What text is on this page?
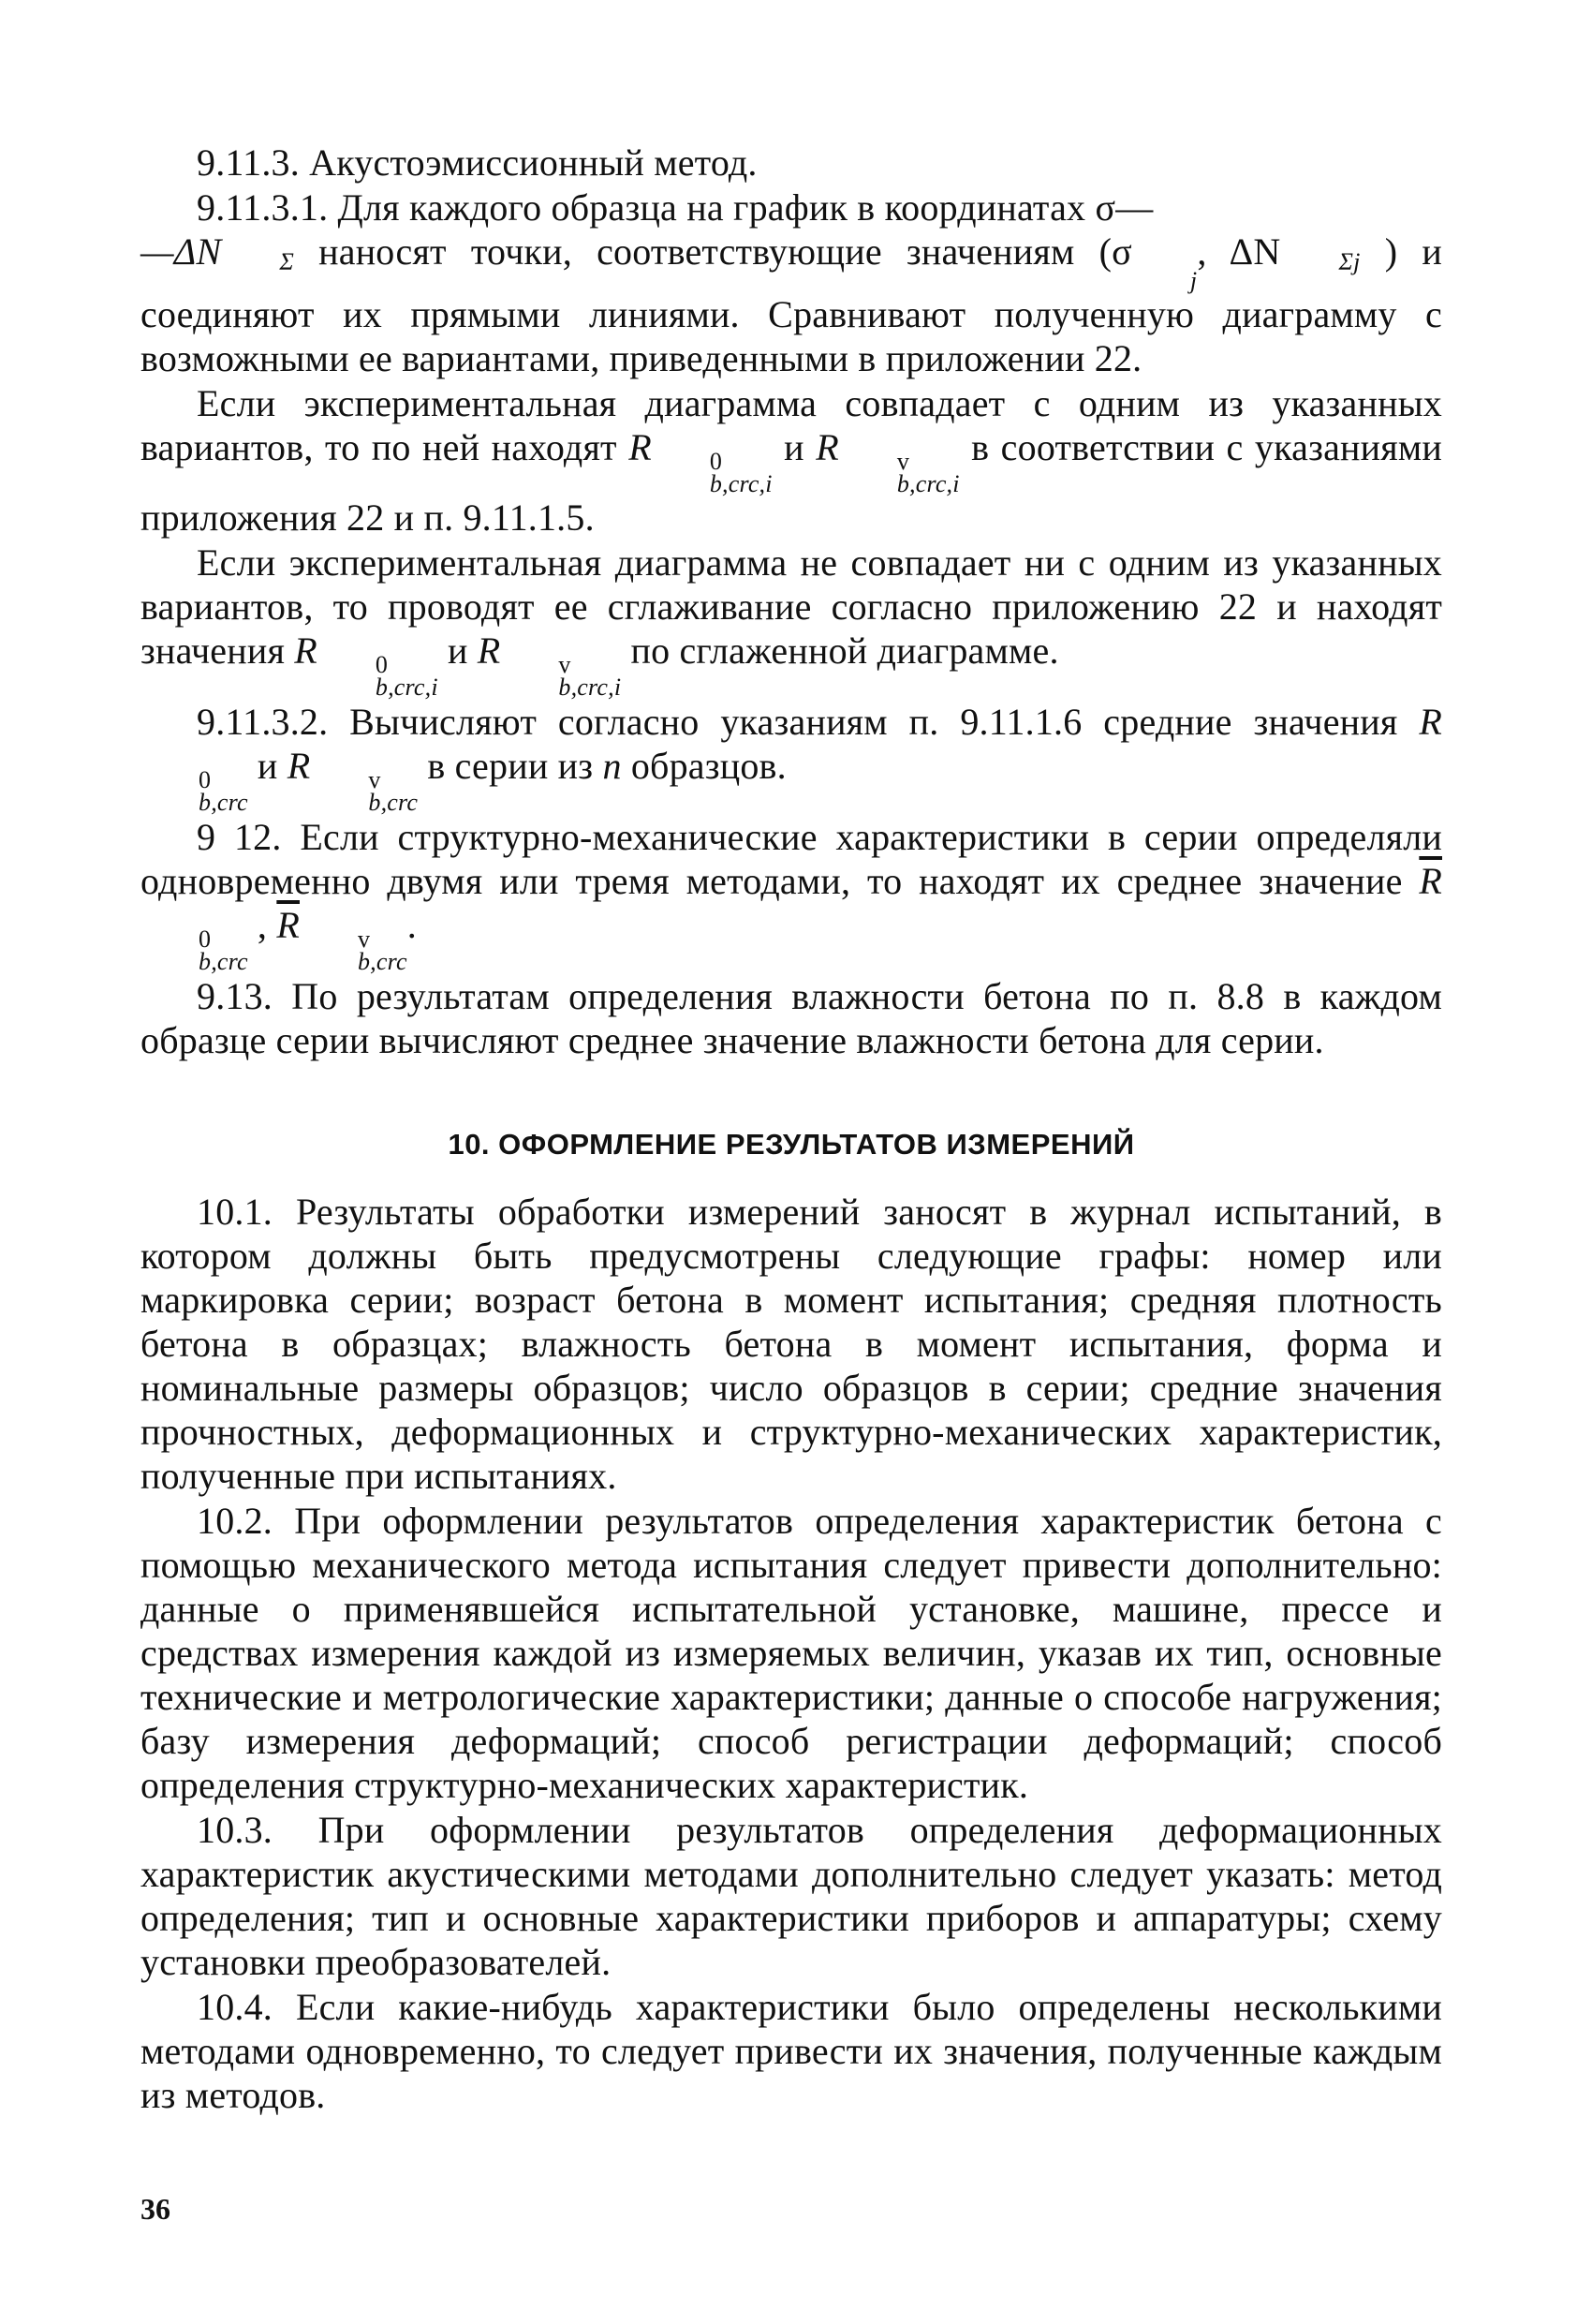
9.11.3. Акустоэмиссионный метод.

9.11.3.1. Для каждого образца на график в координатах σ—
—ΔN	Σ наносят точки, соответствующие значениям (σ
j
, ΔN	Σj ) и соединяют их прямыми линиями. Сравнивают полученную диаграмму с возможными ее вариантами, приведенными в приложении 22.

Если экспериментальная диаграмма совпадает с одним из указанных вариантов, то по ней находят R	0
b,crc,i
и R	v
b,crc,i
в соответствии с указаниями приложения 22 и п. 9.11.1.5.

Если экспериментальная диаграмма не совпадает ни с одним из указанных вариантов, то проводят ее сглаживание согласно приложению 22 и находят значения R	0
b,crc,i
и R	v
b,crc,i
по сглаженной диаграмме.

9.11.3.2. Вычисляют согласно указаниям п. 9.11.1.6 средние значения R
0
b,crc
и R	v
b,crc
в серии из n образцов.

9 12. Если структурно-механические характеристики в серии определяли одновременно двумя или тремя методами, то находят их среднее значение $\overline{R}$
0
b,crc
, $\overline{R}$	v
b,crc
.

9.13. По результатам определения влажности бетона по п. 8.8 в каждом образце серии вычисляют среднее значение влажности бетона для серии.

10. ОФОРМЛЕНИЕ РЕЗУЛЬТАТОВ ИЗМЕРЕНИЙ

10.1. Результаты обработки измерений заносят в журнал испытаний, в котором должны быть предусмотрены следующие графы: номер или маркировка серии; возраст бетона в момент испытания; средняя плотность бетона в образцах; влажность бетона в момент испытания, форма и номинальные размеры образцов; число образцов в серии; средние значения прочностных, деформационных и структурно-механических характеристик, полученные при испытаниях.

10.2. При оформлении результатов определения характеристик бетона с помощью механического метода испытания следует привести дополнительно: данные о применявшейся испытательной установке, машине, прессе и средствах измерения каждой из измеряемых величин, указав их тип, основные технические и метрологические характеристики; данные о способе нагружения; базу измерения деформаций; способ регистрации деформаций; способ определения структурно-механических характеристик.

10.3. При оформлении результатов определения деформационных характеристик акустическими методами дополнительно следует указать: метод определения; тип и основные характеристики приборов и аппаратуры; схему установки преобразователей.

10.4. Если какие-нибудь характеристики было определены несколькими методами одновременно, то следует привести их значения, полученные каждым из методов.

36
